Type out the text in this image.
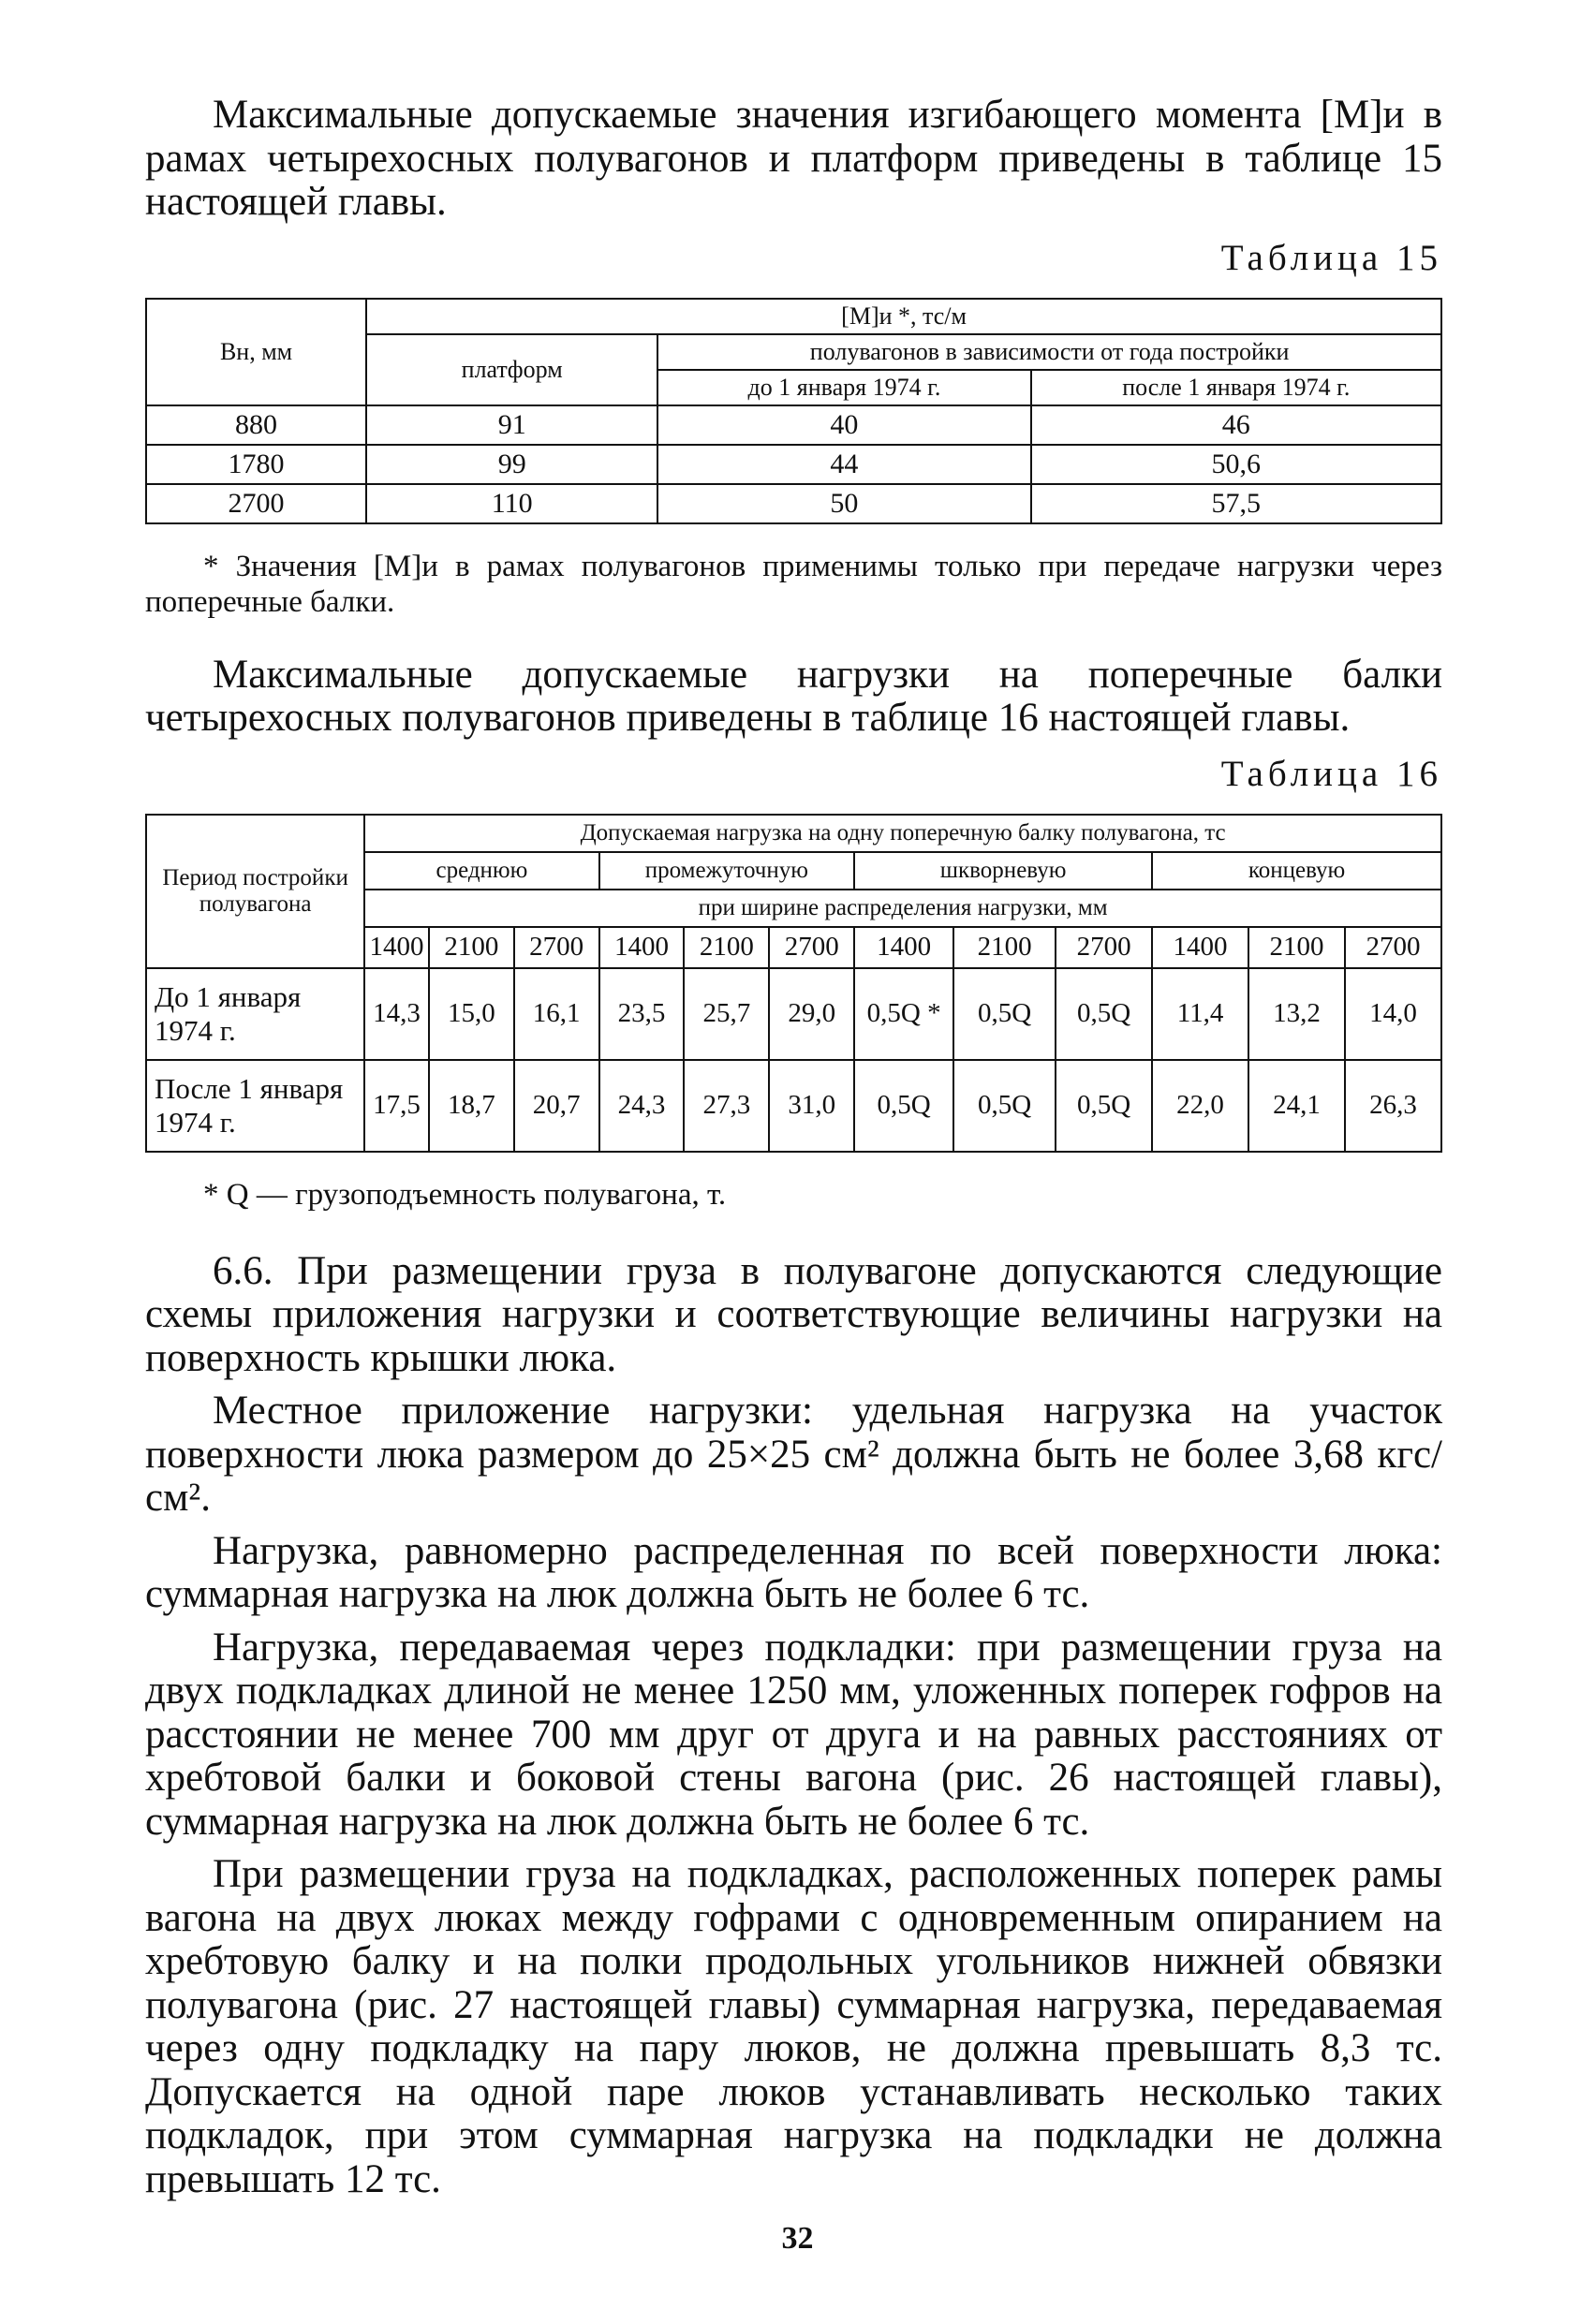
Максимальные допускаемые значения изгибающего момента [M]и в рамах четырехосных полувагонов и платформ приведены в таблице 15 настоящей главы.

Таблица 15
Вн, мм	[M]и *, тс/м		
	платформ	полувагонов в зависимости от года постройки	
		до 1 января 1974 г.	после 1 января 1974 г.
880	91	40	46
1780	99	44	50,6
2700	110	50	57,5

* Значения [M]и в рамах полувагонов применимы только при передаче нагрузки через поперечные балки.

Максимальные допускаемые нагрузки на поперечные балки четырехосных полувагонов приведены в таблице 16 настоящей главы.

Таблица 16
Период постройки полувагона	Допускаемая нагрузка на одну поперечную балку полувагона, тс											
	среднюю			промежуточную			шкворневую			концевую		
	при ширине распределения нагрузки, мм											
	1400	2100	2700	1400	2100	2700	1400	2100	2700	1400	2100	2700
До 1 января 1974 г.	14,3	15,0	16,1	23,5	25,7	29,0	0,5Q *	0,5Q	0,5Q	11,4	13,2	14,0
После 1 января 1974 г.	17,5	18,7	20,7	24,3	27,3	31,0	0,5Q	0,5Q	0,5Q	22,0	24,1	26,3

* Q — грузоподъемность полувагона, т.

6.6. При размещении груза в полувагоне допускаются следующие схемы приложения нагрузки и соответствующие величины нагрузки на поверхность крышки люка.

Местное приложение нагрузки: удельная нагрузка на участок поверхности люка размером до 25×25 см² должна быть не более 3,68 кгс/см².

Нагрузка, равномерно распределенная по всей поверхности люка: суммарная нагрузка на люк должна быть не более 6 тс.

Нагрузка, передаваемая через подкладки: при размещении груза на двух подкладках длиной не менее 1250 мм, уложенных поперек гофров на расстоянии не менее 700 мм друг от друга и на равных расстояниях от хребтовой балки и боковой стены вагона (рис. 26 настоящей главы), суммарная нагрузка на люк должна быть не более 6 тс.

При размещении груза на подкладках, расположенных поперек рамы вагона на двух люках между гофрами с одновременным опиранием на хребтовую балку и на полки продольных угольников нижней обвязки полувагона (рис. 27 настоящей главы) суммарная нагрузка, передаваемая через одну подкладку на пару люков, не должна превышать 8,3 тс. Допускается на одной паре люков устанавливать несколько таких подкладок, при этом суммарная нагрузка на подкладки не должна превышать 12 тс.

32
